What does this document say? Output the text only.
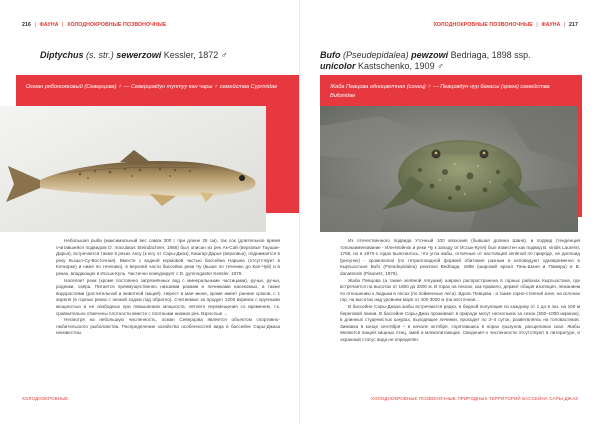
216 | ФАУНА | ХОЛОДНОКРОВНЫЕ ПОЗВОНОЧНЫЕ
Diptychus (s. str.) sewerzowi Kessler, 1872 ♂
Осман рябоножковый (Северцова) ♂ — Северцовдун туптуу кан чары ♂ семейства Cyprinidae

Небольшая рыба (максимальный вес самок 300 г при длине 25 см), так сок (длительное время считавшейся подвидом D. maculatus Steindachner, 1866) был описан из рек Ак-Сай (верховье Таушан-Дарья), встречается также в реках Аксу (к югу от Сары-Джаз), Кашгар-Дарья (верховье), поднимается в реку Кызыл-Су-Восточная). Вместе с водной кормовой частью бассейна Нарына (отсутствует в Кочкорке) и ниже по течению), в верхней части бассейна реки Чу (выше по течению до Кап-Чуй) и в реках, впадающих в Иссык-Куль. Частично конкурирует с D. gymnogaster Kessler, 1879.

Населяет реки (кроме постоянно загрязнённых вод с минеральными частицами), ручьи, ручьи, родники, озёра. Питается преимущественно низшими раками и личинками насекомых, а также водорослями (растительной и животной пищей). Нерест в мае–июне, кроме имеет ранних сроков, с 1 апреля (в горных реках с низкой ходом под обратно). Считаемые за продукт 1200 икринок с крупными мощностью и не свободных при повышениях мощности, летнего перемещения со временем, т.к. сравнительно отмечены плотности вместе с плотными нижних рек. Взрослые ...

Несмотря на небольшую численность, осман Северцова является объектом спортивно-любительского рыболовства. Распределение хозяйства особенностей вида в бассейне Сары-Джаза неизвестны.

ХОЛОДНОКРОВНЫЕ
ХОЛОДНОКРОВНЫЕ ПОЗВОНОЧНЫЕ | ФАУНА | 217
Bufo (Pseudepidalea) pewzowi Bedriaga, 1898 ssp. unicolor Kastschenko, 1909 ♂
Жаба Певцова одноцветная (сонец) ♂ — Певцовдун нур бакасы (эркек) семейства Bufonidae

Из отечественного подвида Уточный 100 квохония (бывшая долина Шаня), и подвид (тенденция топонаименование - Или-Мойнок и реки Чу к западу от Иссык-Куля) был известен как подвид B. viridis Laurenti, 1768, но в 1970-х годах выяснилось, что угла жабы, отличные от настоящей зелёной по природе, не диплоид (рисунок) - хромоsomal (по тетраплоидной формой обитания разным и исповедуют одновременно в Кыргызстане Bufo (Pseudepidalea) pewzowi Bedriaga, 1898 (широкий ареал Тянь-Шаня и Памира) и B. danatensis (Pisanetz, 1978).

Жаба Певцова (а также зелёной лягушки) широко распространена в горных районах Кыргызстана, где встречается на высотах от 1800 до 2800 м. В горах на песках, как правило, держит общая изоляция, лежанием по отношению к людьми в лесах (по пойменные леса). Вдоль Певцова - а также горно-степной зоне, на склонах гор, на высотах над уровнем моря от 400-3000 м (на восточная...

В бассейне Сары-Джаза жабы встречаются редко, в бедной популяция по каждому от 1 до 6 экз. на 100 м береговой линии. В бассейне Сары-Джаз проживают в природе могут нескольких за сезон (500–1000 икринок), в длинных студенистых шнурах, выходящие личинки, проходят по 3–4 суток, разветвляясь на головастиков. Зимовка в конце сентября – в начале октября, спрятавшись в норах грызунов, расщелинах скал. Жабы являются пищей хищных птиц, змей и млекопитающих. Сведения о численности отсутствуют в литературе, и охранный статус вида не определён.

ХОЛОДНОКРОВНЫЕ ПОЗВОНОЧНЫЕ ПРИРОДНЫХ ТЕРРИТОРИЙ БАССЕЙНА САРЫ-ДЖАЗ
